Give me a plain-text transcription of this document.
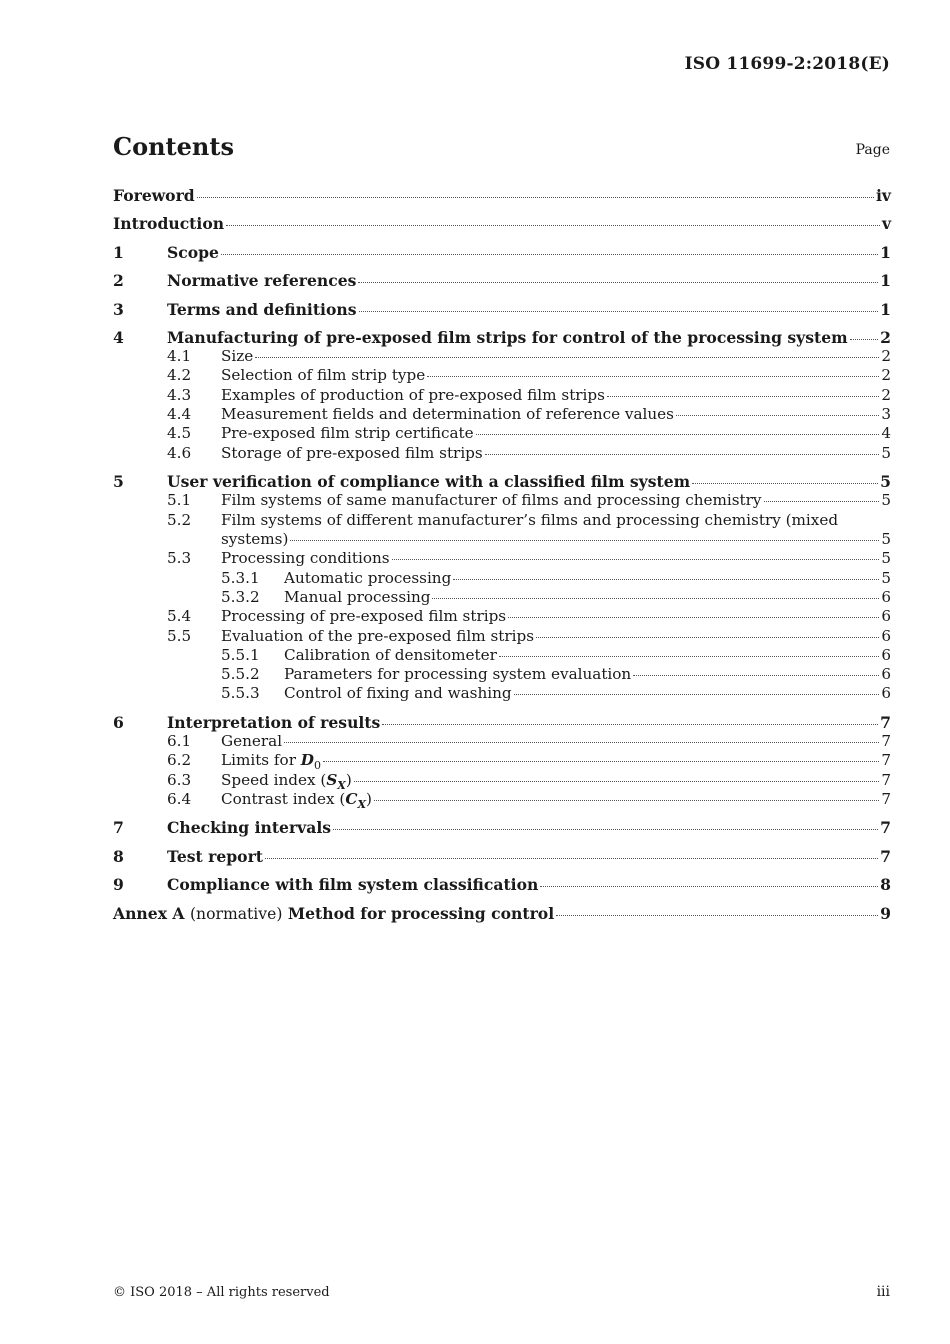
ISO 11699-2:2018(E)
Contents	Page
Foreword	iv
Introduction	v
1	Scope	1
2	Normative references	1
3	Terms and definitions	1
4	Manufacturing of pre-exposed film strips for control of the processing system 2
4.1	Size	2
4.2	Selection of film strip type	2
4.3	Examples of production of pre-exposed film strips	2
4.4	Measurement fields and determination of reference values	3
4.5	Pre-exposed film strip certificate	4
4.6	Storage of pre-exposed film strips	5
5	User verification of compliance with a classified film system	5
5.1	Film systems of same manufacturer of films and processing chemistry	5
5.2	Film systems of different manufacturer’s films and processing chemistry (mixed
systems)	5
5.3	Processing conditions	5
5.3.1	Automatic processing	5
5.3.2	Manual processing	6
5.4	Processing of pre-exposed film strips	6
5.5	Evaluation of the pre-exposed film strips	6
5.5.1	Calibration of densitometer	6
5.5.2	Parameters for processing system evaluation	6
5.5.3	Control of fixing and washing	6
6	Interpretation of results	7
6.1	General	7
6.2	Limits for $D_0$	7
6.3	Speed index $(S_X)$	7
6.4	Contrast index $(C_X)$	7
7	Checking intervals	7
8	Test report	7
9	Compliance with film system classification	8
Annex A (normative) Method for processing control	9
© ISO 2018 – All rights reserved	iii
